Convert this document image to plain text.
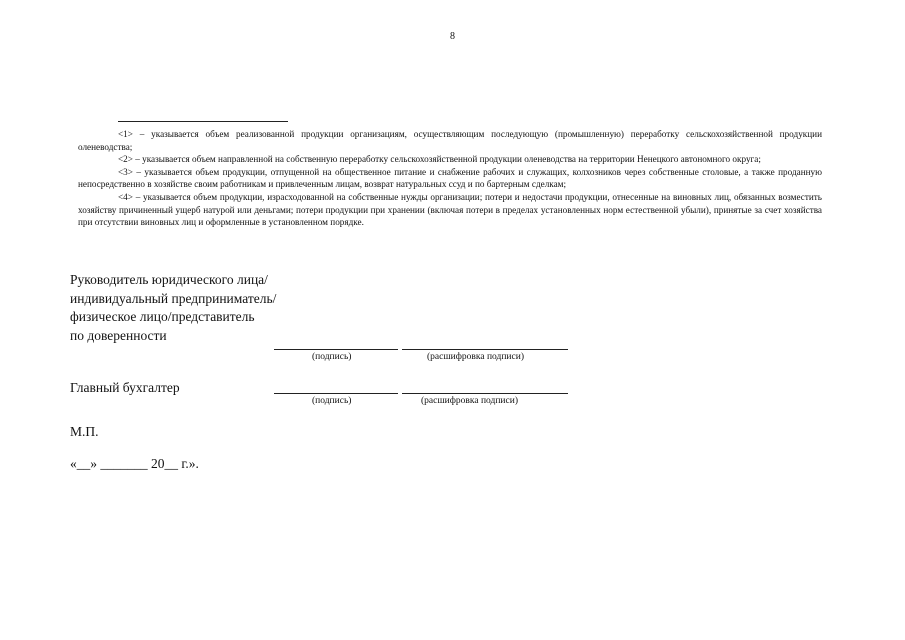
8

<1> – указывается объем реализованной продукции организациям, осуществляющим последующую (промышленную) переработку сельскохозяйственной продукции оленеводства;

<2> – указывается объем направленной на собственную переработку сельскохозяйственной продукции оленеводства на территории Ненецкого автономного округа;

<3> – указывается объем продукции, отпущенной на общественное питание и снабжение рабочих и служащих, колхозников через собственные столовые, а также проданную непосредственно в хозяйстве своим работникам и привлеченным лицам, возврат натуральных ссуд и по бартерным сделкам;

<4> – указывается объем продукции, израсходованной на собственные нужды организации; потери и недостачи продукции, отнесенные на виновных лиц, обязанных возместить хозяйству причиненный ущерб натурой или деньгами; потери продукции при хранении (включая потери в пределах установленных норм естественной убыли), принятые за счет хозяйства при отсутствии виновных лиц и оформленные в установленном порядке.

Руководитель юридического лица/
индивидуальный предприниматель/
физическое лицо/представитель
по доверенности
(подпись)	(расшифровка подписи)
Главный бухгалтер
(подпись)	(расшифровка подписи)
М.П.
«__» _______ 20__ г.».
